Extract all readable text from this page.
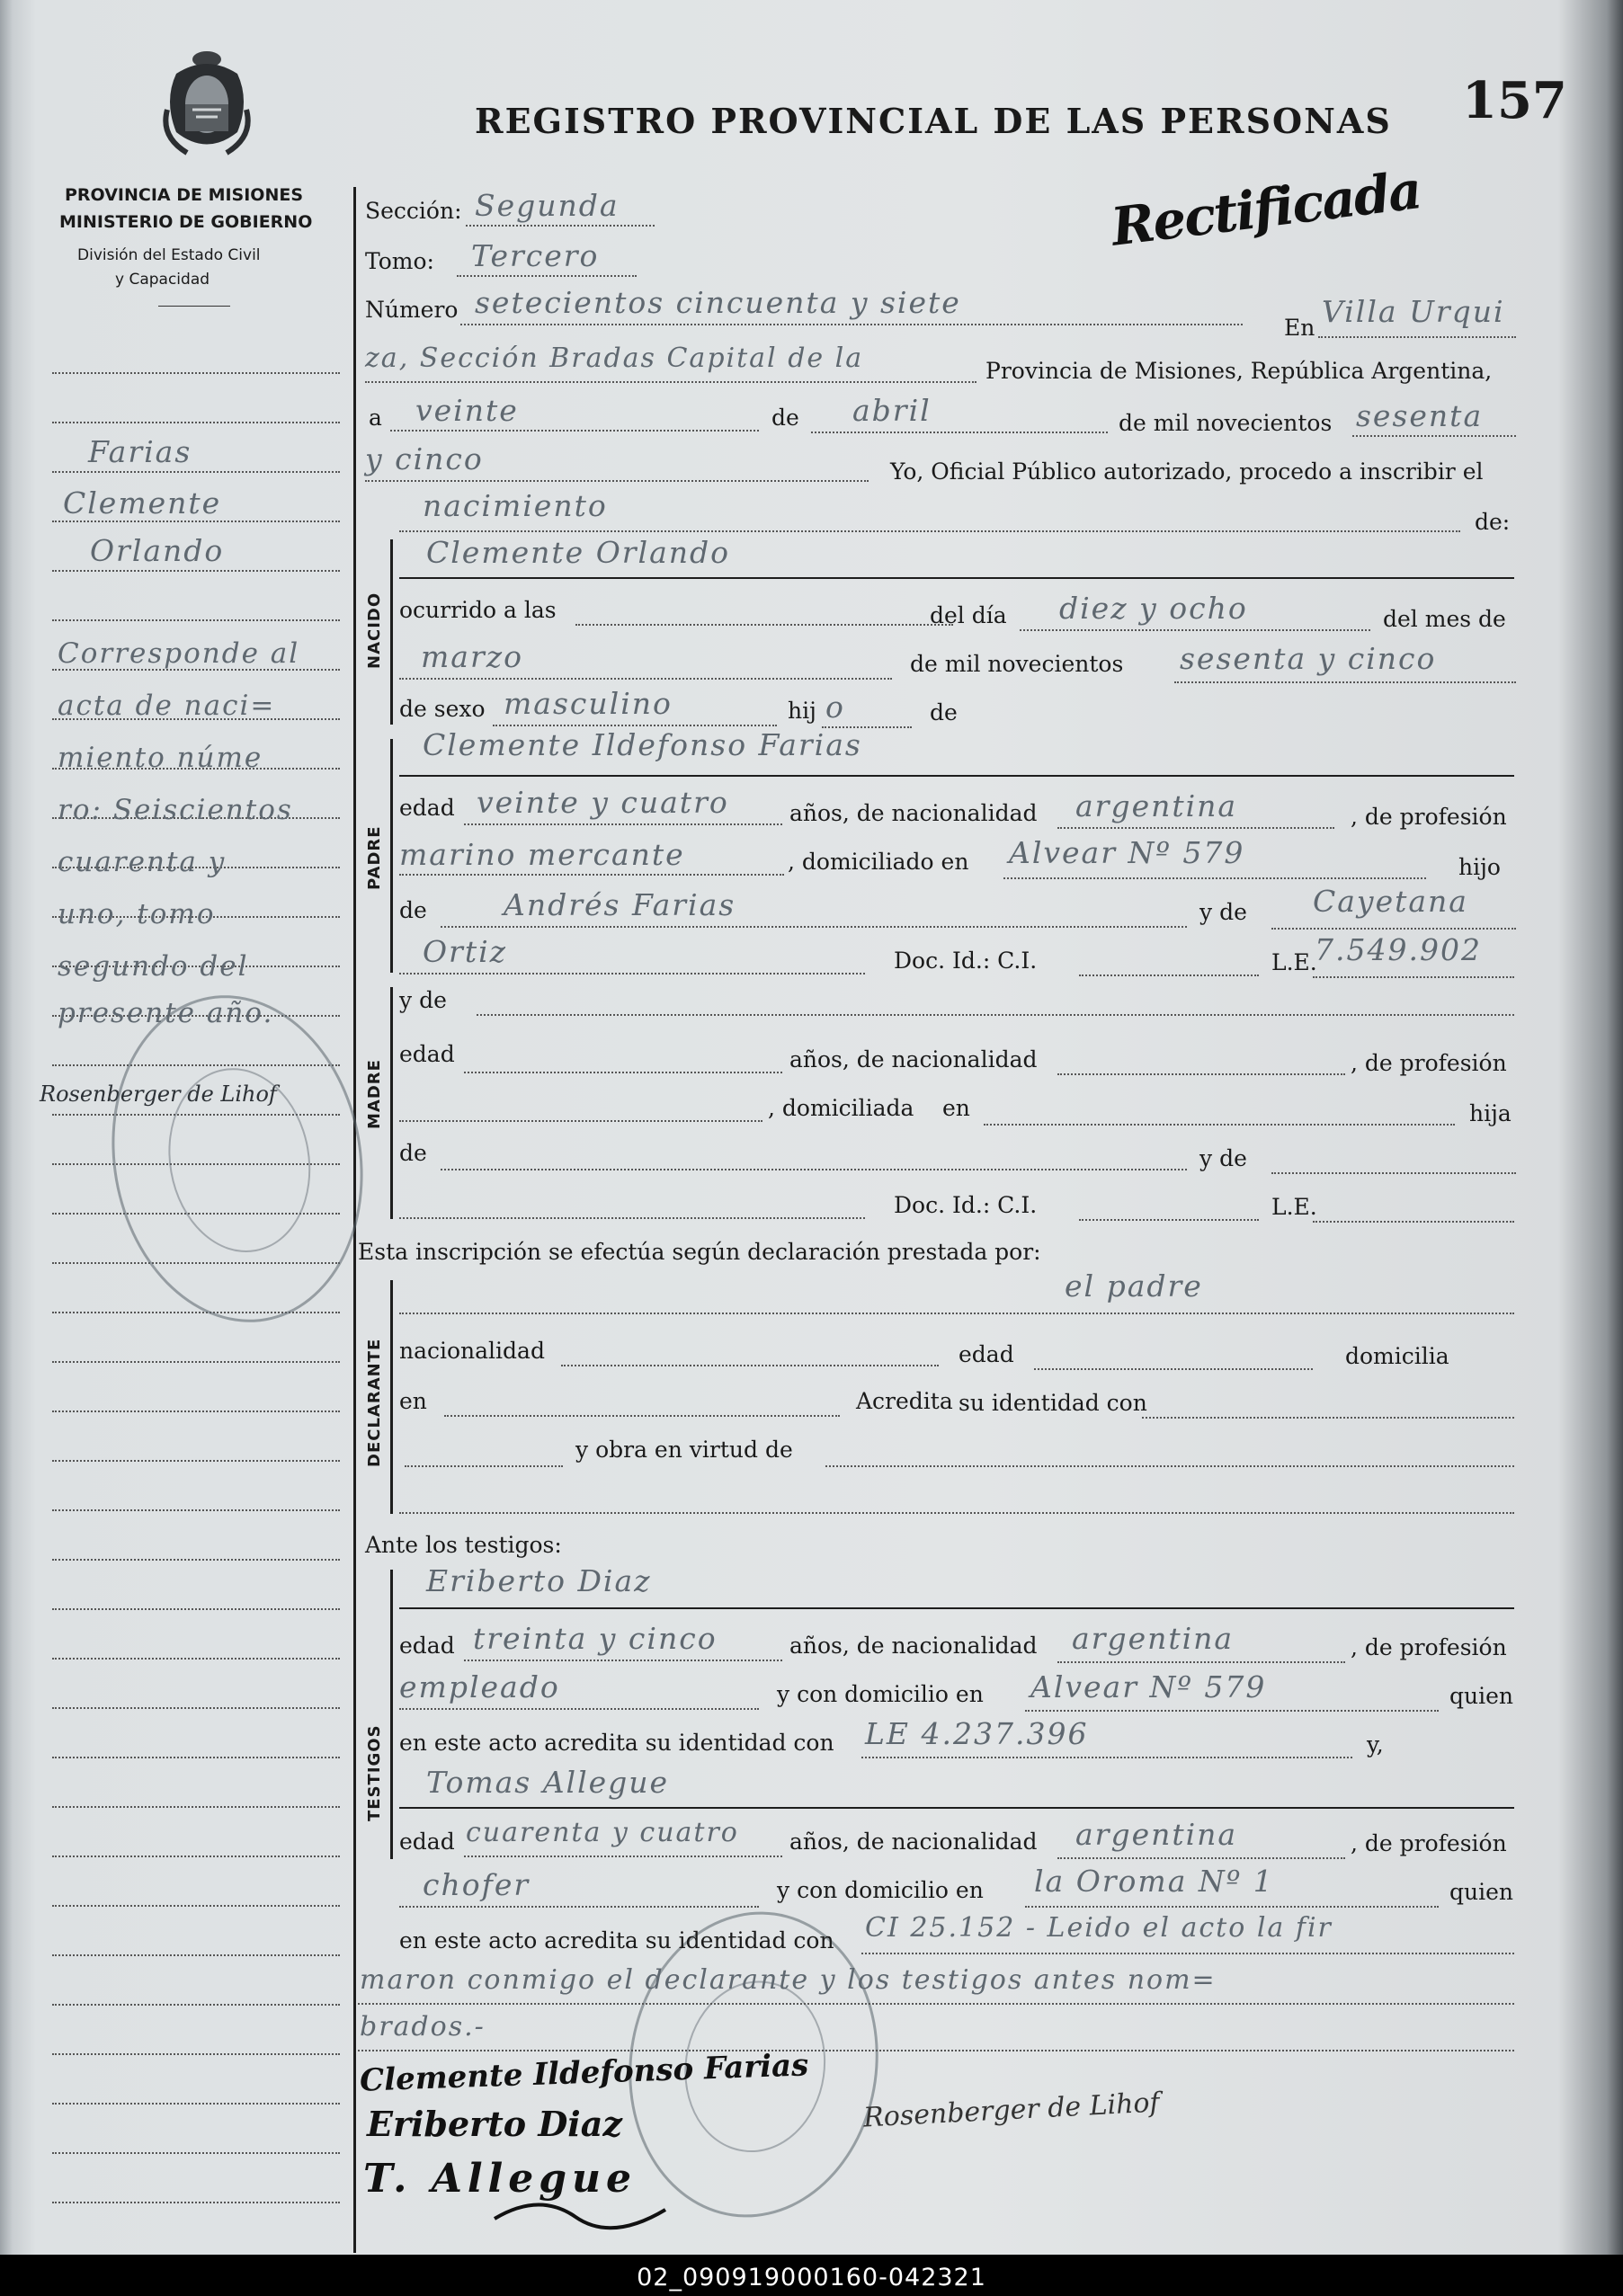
PROVINCIA DE MISIONES
MINISTERIO DE GOBIERNO
División del Estado Civil
y Capacidad
REGISTRO PROVINCIAL DE LAS PERSONAS 157
Rectificada
Farias
Clemente
Orlando
Corresponde al
acta de naci=
miento núme
ro: Seiscientos
cuarenta y
uno, tomo
segundo del
presente año.
Rosenberger de Lihof
Sección: Segunda
Tomo: Tercero
Número setecientos cincuenta y siete
En Villa Urqui
za, Sección Bradas Capital de la	Provincia de Misiones, República Argentina,
a veinte	de abril	de mil novecientos sesenta
y cinco	Yo, Oficial Público autorizado, procedo a inscribir el
nacimiento	de:
NACIDO
Clemente Orlando
ocurrido a las	del día diez y ocho	del mes de
marzo	de mil novecientos sesenta y cinco
de sexo masculino	hij o	de
PADRE
Clemente Ildefonso Farias
edad veinte y cuatro	años, de nacionalidad argentina	, de profesión
marino mercante	, domiciliado en Alvear Nº 579	hijo
de	Andrés Farias	y de Cayetana
Ortiz	Doc. Id.: C.I.	L.E.
7.549.902
MADRE
y de
edad	años, de nacionalidad	, de profesión
, domiciliada en	hija
de	y de
Doc. Id.: C.I.	L.E.
Esta inscripción se efectúa según declaración prestada por:
DECLARANTE
el padre
nacionalidad	edad	domicilia
en	Acredita su identidad con
y obra en virtud de
Ante los testigos:
TESTIGOS
Eriberto Diaz
edad treinta y cinco	años, de nacionalidad argentina	, de profesión
empleado	y con domicilio en Alvear Nº 579	quien
en este acto acredita su identidad con LE 4.237.396	y,
Tomas Allegue
edad cuarenta y cuatro años, de nacionalidad argentina	, de profesión
chofer	y con domicilio en la Oroma Nº 1	quien
en este acto acredita su identidad con CI 25.152 - Leido el acto la fir
maron conmigo el declarante y los testigos antes nom=
brados.-
Clemente Ildefonso Farias
Eriberto Diaz
T. Allegue
Rosenberger de Lihof
02_090919000160-042321
